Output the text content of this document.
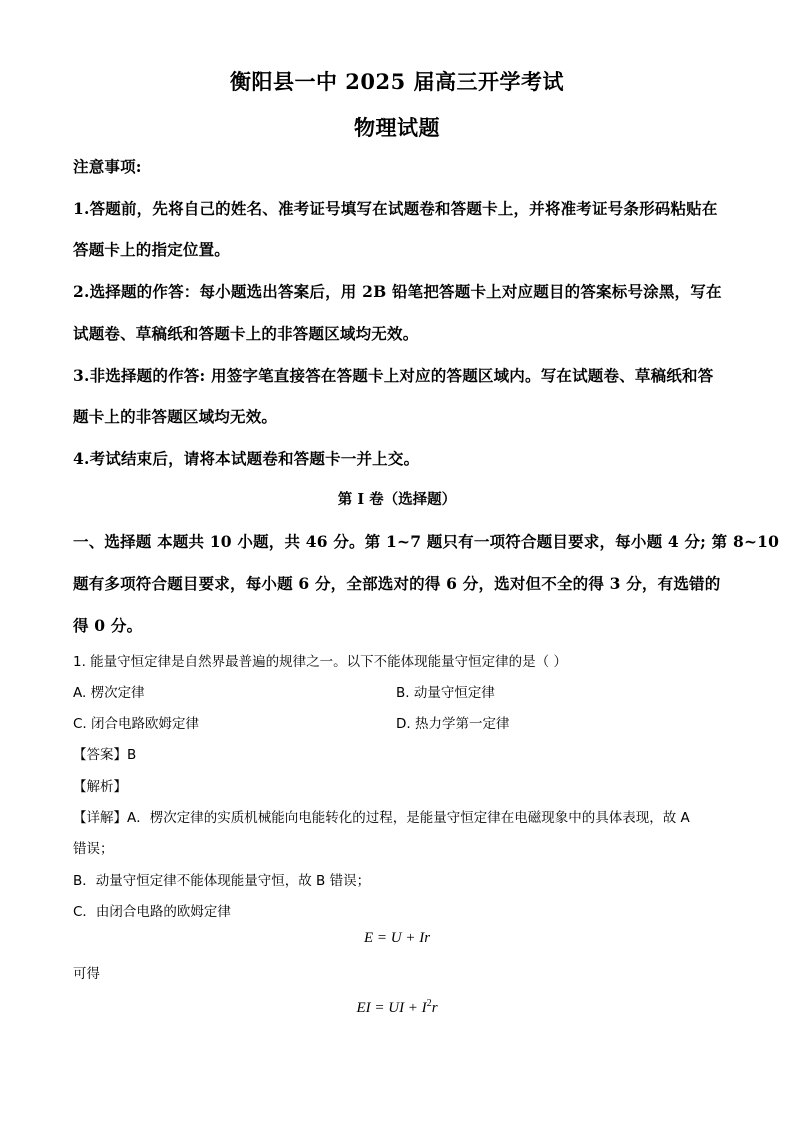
衡阳县一中 2025 届高三开学考试
物理试题
注意事项:
1.答题前，先将自己的姓名、准考证号填写在试题卷和答题卡上，并将准考证号条形码粘贴在
答题卡上的指定位置。
2.选择题的作答：每小题选出答案后，用 2B 铅笔把答题卡上对应题目的答案标号涂黑，写在
试题卷、草稿纸和答题卡上的非答题区域均无效。
3.非选择题的作答: 用签字笔直接答在答题卡上对应的答题区域内。写在试题卷、草稿纸和答
题卡上的非答题区域均无效。
4.考试结束后，请将本试题卷和答题卡一并上交。
第 I 卷（选择题）
一、选择题 本题共 10 小题，共 46 分。第 1~7 题只有一项符合题目要求，每小题 4 分; 第 8~10
题有多项符合题目要求，每小题 6 分，全部选对的得 6 分，选对但不全的得 3 分，有选错的
得 0 分。
1. 能量守恒定律是自然界最普遍的规律之一。以下不能体现能量守恒定律的是（ ）
A. 楞次定律	B. 动量守恒定律
C. 闭合电路欧姆定律	D. 热力学第一定律
【答案】B
【解析】
【详解】A．楞次定律的实质机械能向电能转化的过程，是能量守恒定律在电磁现象中的具体表现，故 A
错误；
B．动量守恒定律不能体现能量守恒，故 B 错误；
C．由闭合电路的欧姆定律
E = U + Ir
可得
EI = UI + $I^2r$
